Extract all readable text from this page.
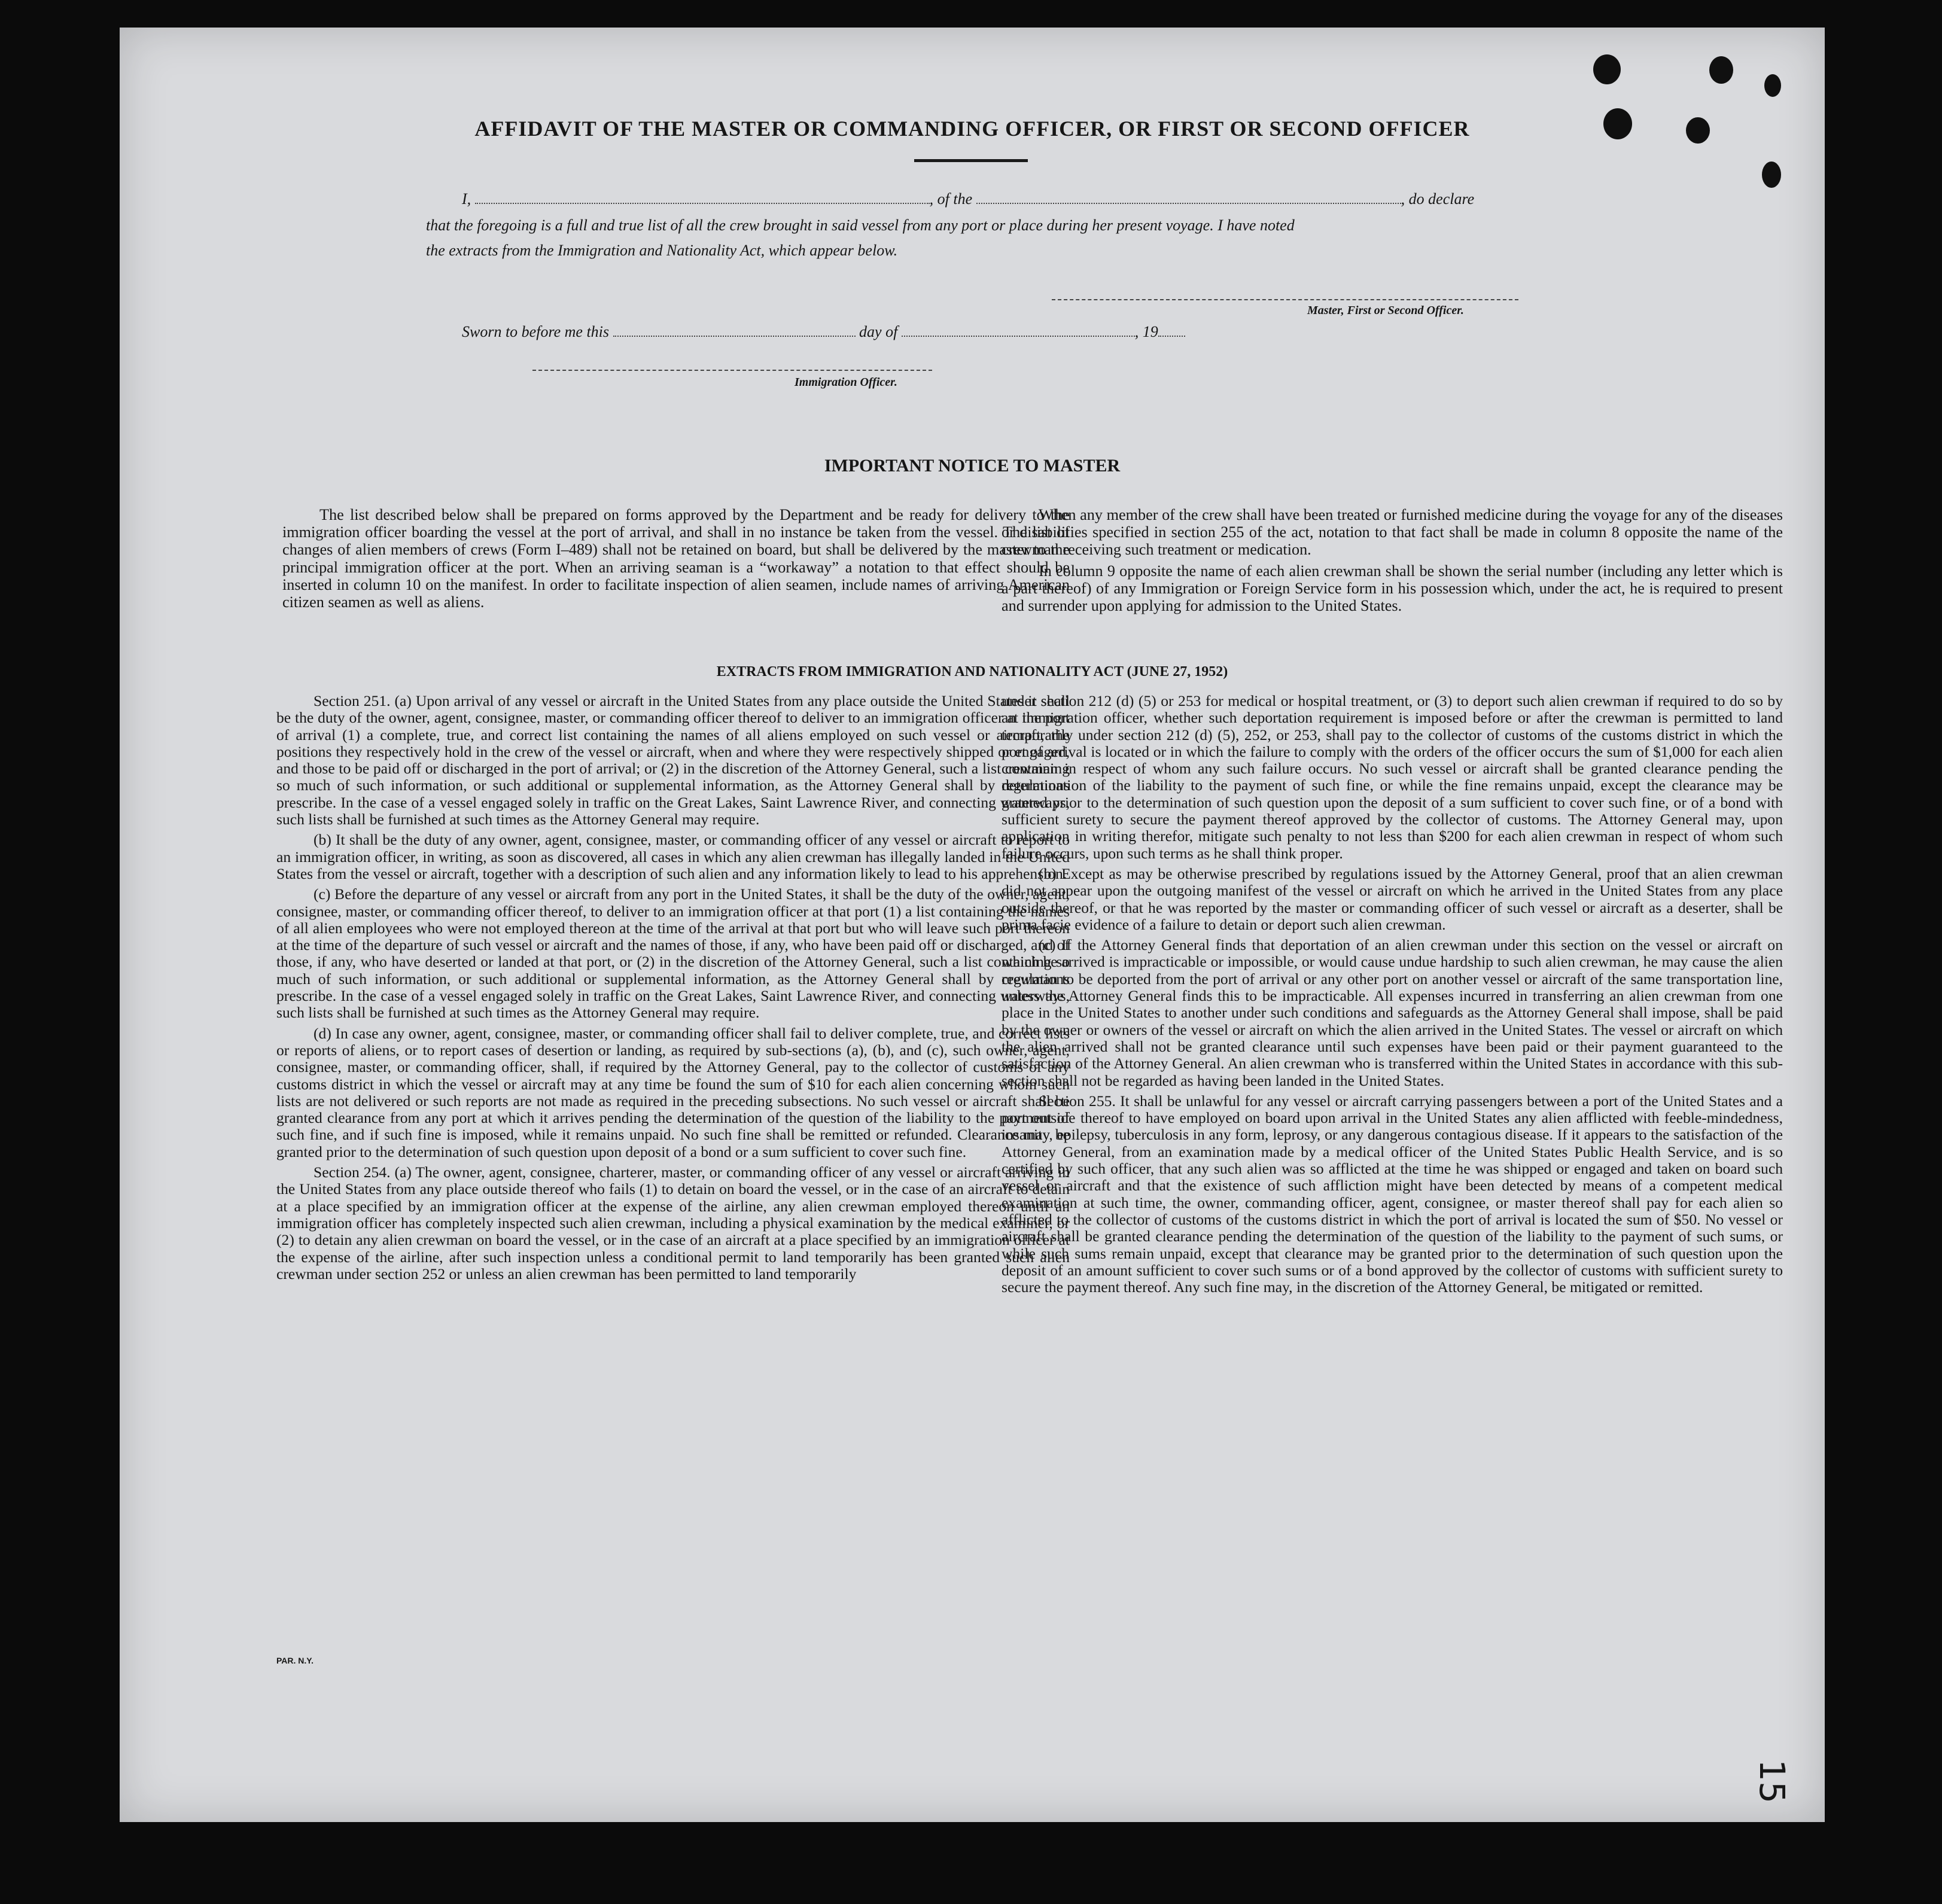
AFFIDAVIT OF THE MASTER OR COMMANDING OFFICER, OR FIRST OR SECOND OFFICER
I,	, of the	, do declare
that the foregoing is a full and true list of all the crew brought in said vessel from any port or place during her present voyage. I have noted
the extracts from the Immigration and Nationality Act, which appear below.
Master, First or Second Officer.
Sworn to before me this	day of	, 19
Immigration Officer.
IMPORTANT NOTICE TO MASTER

The list described below shall be prepared on forms approved by the Department and be ready for delivery to the immigration officer boarding the vessel at the port of arrival, and shall in no instance be taken from the vessel. The list of changes of alien members of crews (Form I–489) shall not be retained on board, but shall be delivered by the master to the principal immigration officer at the port. When an arriving seaman is a “workaway” a notation to that effect should be inserted in column 10 on the manifest. In order to facilitate inspection of alien seamen, include names of arriving American citizen seamen as well as aliens.

When any member of the crew shall have been treated or furnished medicine during the voyage for any of the diseases or disabilities specified in section 255 of the act, notation to that fact shall be made in column 8 opposite the name of the crewman receiving such treatment or medication.

In column 9 opposite the name of each alien crewman shall be shown the serial number (including any letter which is a part thereof) of any Immigration or Foreign Service form in his possession which, under the act, he is required to present and surrender upon applying for admission to the United States.

EXTRACTS FROM IMMIGRATION AND NATIONALITY ACT (JUNE 27, 1952)

Section 251. (a) Upon arrival of any vessel or aircraft in the United States from any place outside the United States it shall be the duty of the owner, agent, consignee, master, or commanding officer thereof to deliver to an immigration officer at the port of arrival (1) a complete, true, and correct list containing the names of all aliens employed on such vessel or aircraft, the positions they respectively hold in the crew of the vessel or aircraft, when and where they were respectively shipped or engaged, and those to be paid off or discharged in the port of arrival; or (2) in the discretion of the Attorney General, such a list containing so much of such information, or such additional or supplemental information, as the Attorney General shall by regulations prescribe. In the case of a vessel engaged solely in traffic on the Great Lakes, Saint Lawrence River, and connecting waterways, such lists shall be furnished at such times as the Attorney General may require.

(b) It shall be the duty of any owner, agent, consignee, master, or commanding officer of any vessel or aircraft to report to an immigration officer, in writing, as soon as discovered, all cases in which any alien crewman has illegally landed in the United States from the vessel or aircraft, together with a description of such alien and any information likely to lead to his apprehension.

(c) Before the departure of any vessel or aircraft from any port in the United States, it shall be the duty of the owner, agent, consignee, master, or commanding officer thereof, to deliver to an immigration officer at that port (1) a list containing the names of all alien employees who were not employed thereon at the time of the arrival at that port but who will leave such port thereon at the time of the departure of such vessel or aircraft and the names of those, if any, who have been paid off or discharged, and of those, if any, who have deserted or landed at that port, or (2) in the discretion of the Attorney General, such a list containing so much of such information, or such additional or supplemental information, as the Attorney General shall by regulations prescribe. In the case of a vessel engaged solely in traffic on the Great Lakes, Saint Lawrence River, and connecting waterways, such lists shall be furnished at such times as the Attorney General may require.

(d) In case any owner, agent, consignee, master, or commanding officer shall fail to deliver complete, true, and correct lists or reports of aliens, or to report cases of desertion or landing, as required by sub-sections (a), (b), and (c), such owner, agent, consignee, master, or commanding officer, shall, if required by the Attorney General, pay to the collector of customs of any customs district in which the vessel or aircraft may at any time be found the sum of $10 for each alien concerning whom such lists are not delivered or such reports are not made as required in the preceding subsections. No such vessel or aircraft shall be granted clearance from any port at which it arrives pending the determination of the question of the liability to the payment of such fine, and if such fine is imposed, while it remains unpaid. No such fine shall be remitted or refunded. Clearance may be granted prior to the determination of such question upon deposit of a bond or a sum sufficient to cover such fine.

Section 254. (a) The owner, agent, consignee, charterer, master, or commanding officer of any vessel or aircraft arriving in the United States from any place outside thereof who fails (1) to detain on board the vessel, or in the case of an aircraft to detain at a place specified by an immigration officer at the expense of the airline, any alien crewman employed thereon until an immigration officer has completely inspected such alien crewman, including a physical examination by the medical examiner, or (2) to detain any alien crewman on board the vessel, or in the case of an aircraft at a place specified by an immigration officer at the expense of the airline, after such inspection unless a conditional permit to land temporarily has been granted such alien crewman under section 252 or unless an alien crewman has been permitted to land temporarily

under section 212 (d) (5) or 253 for medical or hospital treatment, or (3) to deport such alien crewman if required to do so by an immigration officer, whether such deportation requirement is imposed before or after the crewman is permitted to land temporarily under section 212 (d) (5), 252, or 253, shall pay to the collector of customs of the customs district in which the port of arrival is located or in which the failure to comply with the orders of the officer occurs the sum of $1,000 for each alien crewman in respect of whom any such failure occurs. No such vessel or aircraft shall be granted clearance pending the determination of the liability to the payment of such fine, or while the fine remains unpaid, except the clearance may be granted prior to the determination of such question upon the deposit of a sum sufficient to cover such fine, or of a bond with sufficient surety to secure the payment thereof approved by the collector of customs. The Attorney General may, upon application in writing therefor, mitigate such penalty to not less than $200 for each alien crewman in respect of whom such failure occurs, upon such terms as he shall think proper.

(b) Except as may be otherwise prescribed by regulations issued by the Attorney General, proof that an alien crewman did not appear upon the outgoing manifest of the vessel or aircraft on which he arrived in the United States from any place outside thereof, or that he was reported by the master or commanding officer of such vessel or aircraft as a deserter, shall be prima facie evidence of a failure to detain or deport such alien crewman.

(c) If the Attorney General finds that deportation of an alien crewman under this section on the vessel or aircraft on which he arrived is impracticable or impossible, or would cause undue hardship to such alien crewman, he may cause the alien crewman to be deported from the port of arrival or any other port on another vessel or aircraft of the same transportation line, unless the Attorney General finds this to be impracticable. All expenses incurred in transferring an alien crewman from one place in the United States to another under such conditions and safeguards as the Attorney General shall impose, shall be paid by the owner or owners of the vessel or aircraft on which the alien arrived in the United States. The vessel or aircraft on which the alien arrived shall not be granted clearance until such expenses have been paid or their payment guaranteed to the satisfaction of the Attorney General. An alien crewman who is transferred within the United States in accordance with this sub-section shall not be regarded as having been landed in the United States.

Section 255. It shall be unlawful for any vessel or aircraft carrying passengers between a port of the United States and a port outside thereof to have employed on board upon arrival in the United States any alien afflicted with feeble-mindedness, insanity, epilepsy, tuberculosis in any form, leprosy, or any dangerous contagious disease. If it appears to the satisfaction of the Attorney General, from an examination made by a medical officer of the United States Public Health Service, and is so certified by such officer, that any such alien was so afflicted at the time he was shipped or engaged and taken on board such vessel or aircraft and that the existence of such affliction might have been detected by means of a competent medical examination at such time, the owner, commanding officer, agent, consignee, or master thereof shall pay for each alien so afflicted to the collector of customs of the customs district in which the port of arrival is located the sum of $50. No vessel or aircraft shall be granted clearance pending the determination of the question of the liability to the payment of such sums, or while such sums remain unpaid, except that clearance may be granted prior to the determination of such question upon the deposit of an amount sufficient to cover such sums or of a bond approved by the collector of customs with sufficient surety to secure the payment thereof. Any such fine may, in the discretion of the Attorney General, be mitigated or remitted.

PAR. N.Y.
15
